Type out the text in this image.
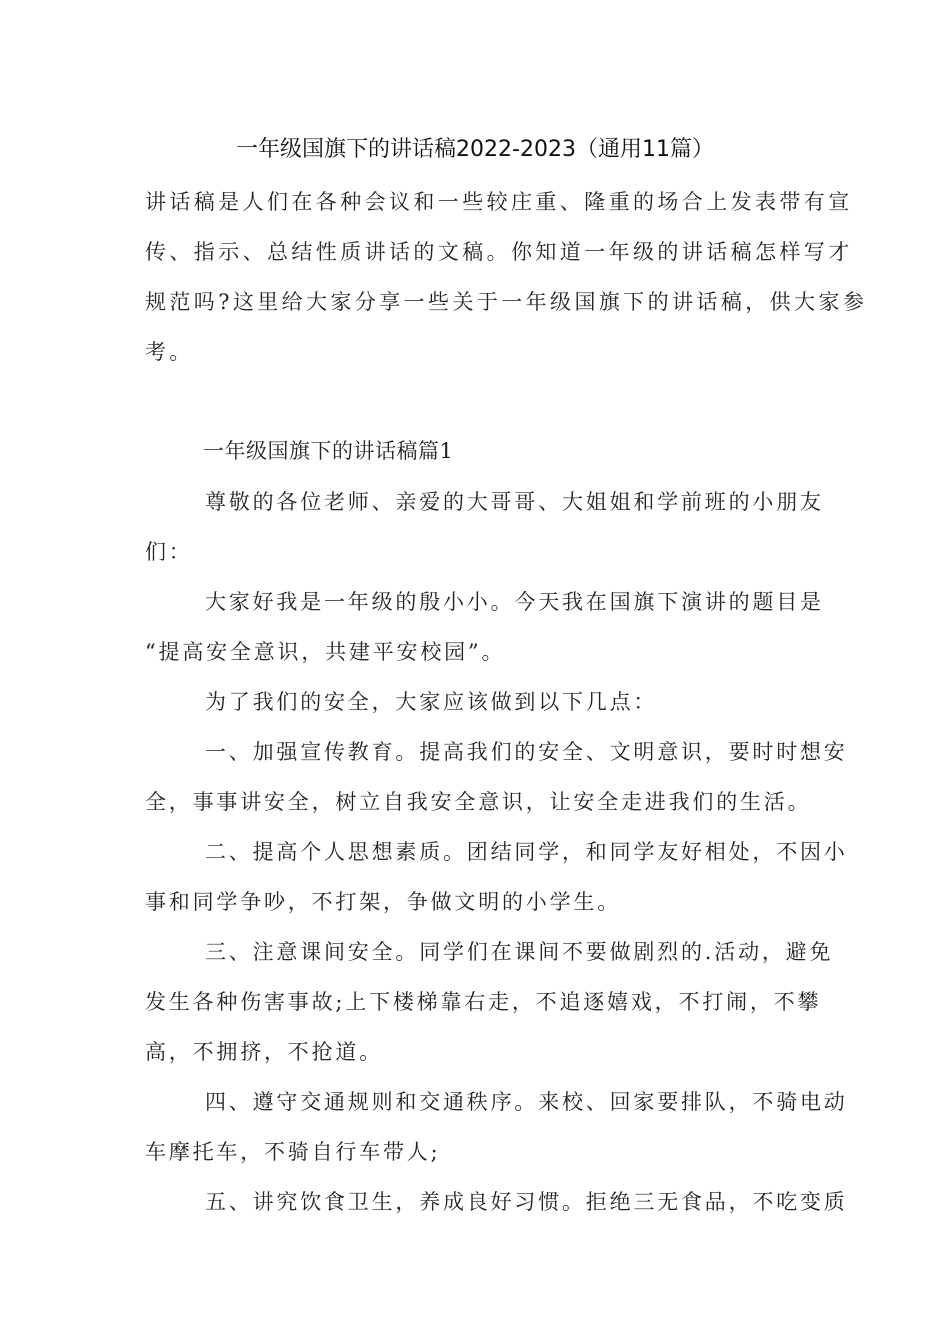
一年级国旗下的讲话稿2022-2023（通用11篇）
讲话稿是人们在各种会议和一些较庄重、隆重的场合上发表带有宣
传、指示、总结性质讲话的文稿。你知道一年级的讲话稿怎样写才
规范吗?这里给大家分享一些关于一年级国旗下的讲话稿，供大家参
考。
一年级国旗下的讲话稿篇1
尊敬的各位老师、亲爱的大哥哥、大姐姐和学前班的小朋友
们：
大家好我是一年级的殷小小。今天我在国旗下演讲的题目是
“提高安全意识，共建平安校园”。
为了我们的安全，大家应该做到以下几点：
一、加强宣传教育。提高我们的安全、文明意识，要时时想安
全，事事讲安全，树立自我安全意识，让安全走进我们的生活。
二、提高个人思想素质。团结同学，和同学友好相处，不因小
事和同学争吵，不打架，争做文明的小学生。
三、注意课间安全。同学们在课间不要做剧烈的.活动，避免
发生各种伤害事故;上下楼梯靠右走，不追逐嬉戏，不打闹，不攀
高，不拥挤，不抢道。
四、遵守交通规则和交通秩序。来校、回家要排队，不骑电动
车摩托车，不骑自行车带人;
五、讲究饮食卫生，养成良好习惯。拒绝三无食品，不吃变质
